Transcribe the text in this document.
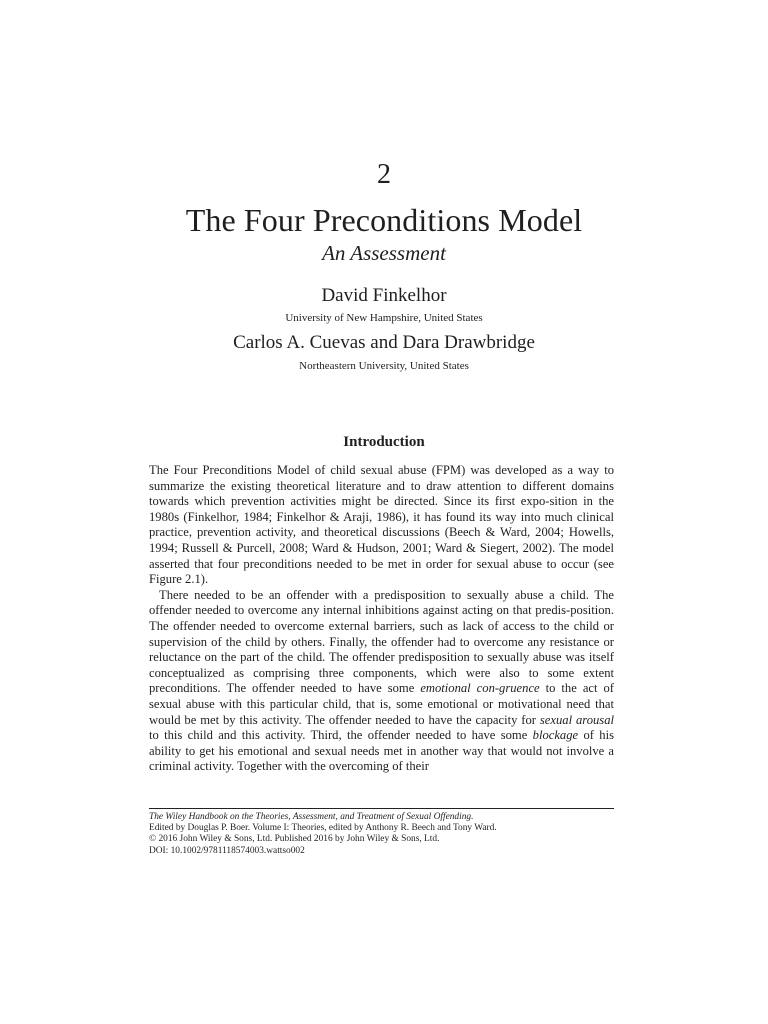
2
The Four Preconditions Model
An Assessment
David Finkelhor
University of New Hampshire, United States
Carlos A. Cuevas and Dara Drawbridge
Northeastern University, United States
Introduction

The Four Preconditions Model of child sexual abuse (FPM) was developed as a way to summarize the existing theoretical literature and to draw attention to different domains towards which prevention activities might be directed. Since its first expo-sition in the 1980s (Finkelhor, 1984; Finkelhor & Araji, 1986), it has found its way into much clinical practice, prevention activity, and theoretical discussions (Beech & Ward, 2004; Howells, 1994; Russell & Purcell, 2008; Ward & Hudson, 2001; Ward & Siegert, 2002). The model asserted that four preconditions needed to be met in order for sexual abuse to occur (see Figure 2.1).

There needed to be an offender with a predisposition to sexually abuse a child. The offender needed to overcome any internal inhibitions against acting on that predis-position. The offender needed to overcome external barriers, such as lack of access to the child or supervision of the child by others. Finally, the offender had to overcome any resistance or reluctance on the part of the child. The offender predisposition to sexually abuse was itself conceptualized as comprising three components, which were also to some extent preconditions. The offender needed to have some emotional con-gruence to the act of sexual abuse with this particular child, that is, some emotional or motivational need that would be met by this activity. The offender needed to have the capacity for sexual arousal to this child and this activity. Third, the offender needed to have some blockage of his ability to get his emotional and sexual needs met in another way that would not involve a criminal activity. Together with the overcoming of their

The Wiley Handbook on the Theories, Assessment, and Treatment of Sexual Offending.
Edited by Douglas P. Boer. Volume I: Theories, edited by Anthony R. Beech and Tony Ward.
© 2016 John Wiley & Sons, Ltd. Published 2016 by John Wiley & Sons, Ltd.
DOI: 10.1002/9781118574003.wattso002
